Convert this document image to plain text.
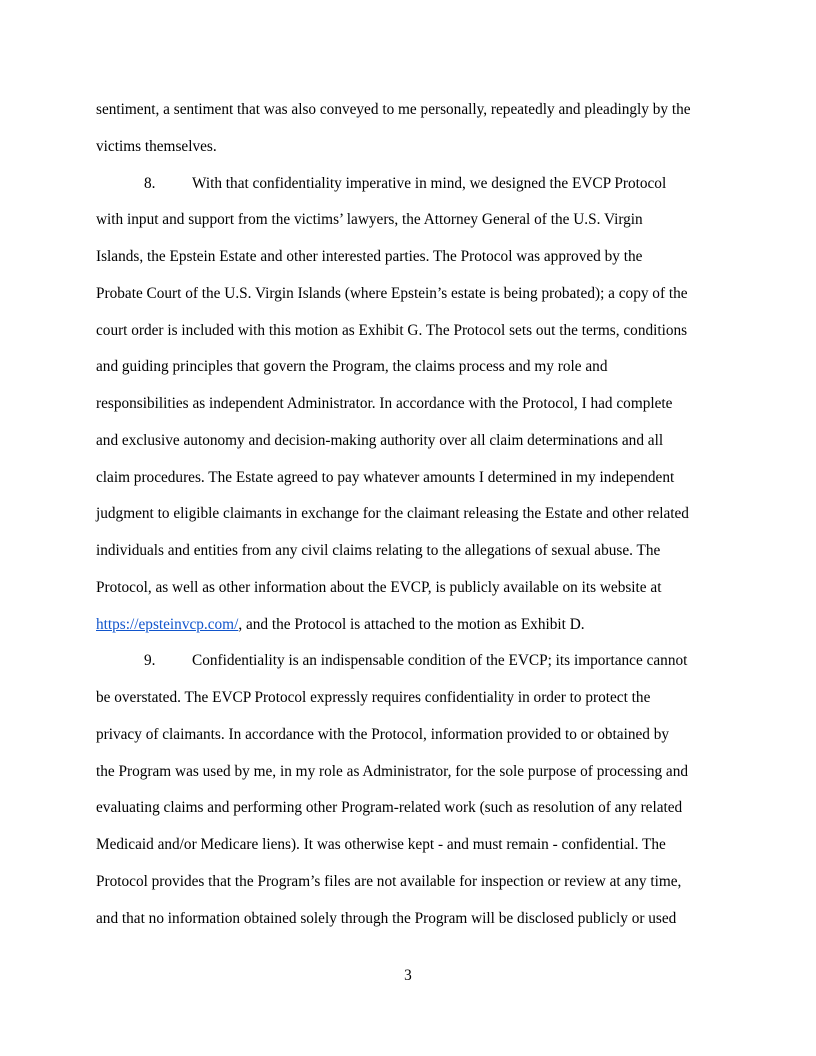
sentiment, a sentiment that was also conveyed to me personally, repeatedly and pleadingly by the
victims themselves.
8. With that confidentiality imperative in mind, we designed the EVCP Protocol
with input and support from the victims’ lawyers, the Attorney General of the U.S. Virgin
Islands, the Epstein Estate and other interested parties. The Protocol was approved by the
Probate Court of the U.S. Virgin Islands (where Epstein’s estate is being probated); a copy of the
court order is included with this motion as Exhibit G. The Protocol sets out the terms, conditions
and guiding principles that govern the Program, the claims process and my role and
responsibilities as independent Administrator. In accordance with the Protocol, I had complete
and exclusive autonomy and decision-making authority over all claim determinations and all
claim procedures. The Estate agreed to pay whatever amounts I determined in my independent
judgment to eligible claimants in exchange for the claimant releasing the Estate and other related
individuals and entities from any civil claims relating to the allegations of sexual abuse. The
Protocol, as well as other information about the EVCP, is publicly available on its website at
https://epsteinvcp.com/, and the Protocol is attached to the motion as Exhibit D.
9. Confidentiality is an indispensable condition of the EVCP; its importance cannot
be overstated. The EVCP Protocol expressly requires confidentiality in order to protect the
privacy of claimants. In accordance with the Protocol, information provided to or obtained by
the Program was used by me, in my role as Administrator, for the sole purpose of processing and
evaluating claims and performing other Program-related work (such as resolution of any related
Medicaid and/or Medicare liens). It was otherwise kept - and must remain - confidential. The
Protocol provides that the Program’s files are not available for inspection or review at any time,
and that no information obtained solely through the Program will be disclosed publicly or used
3
